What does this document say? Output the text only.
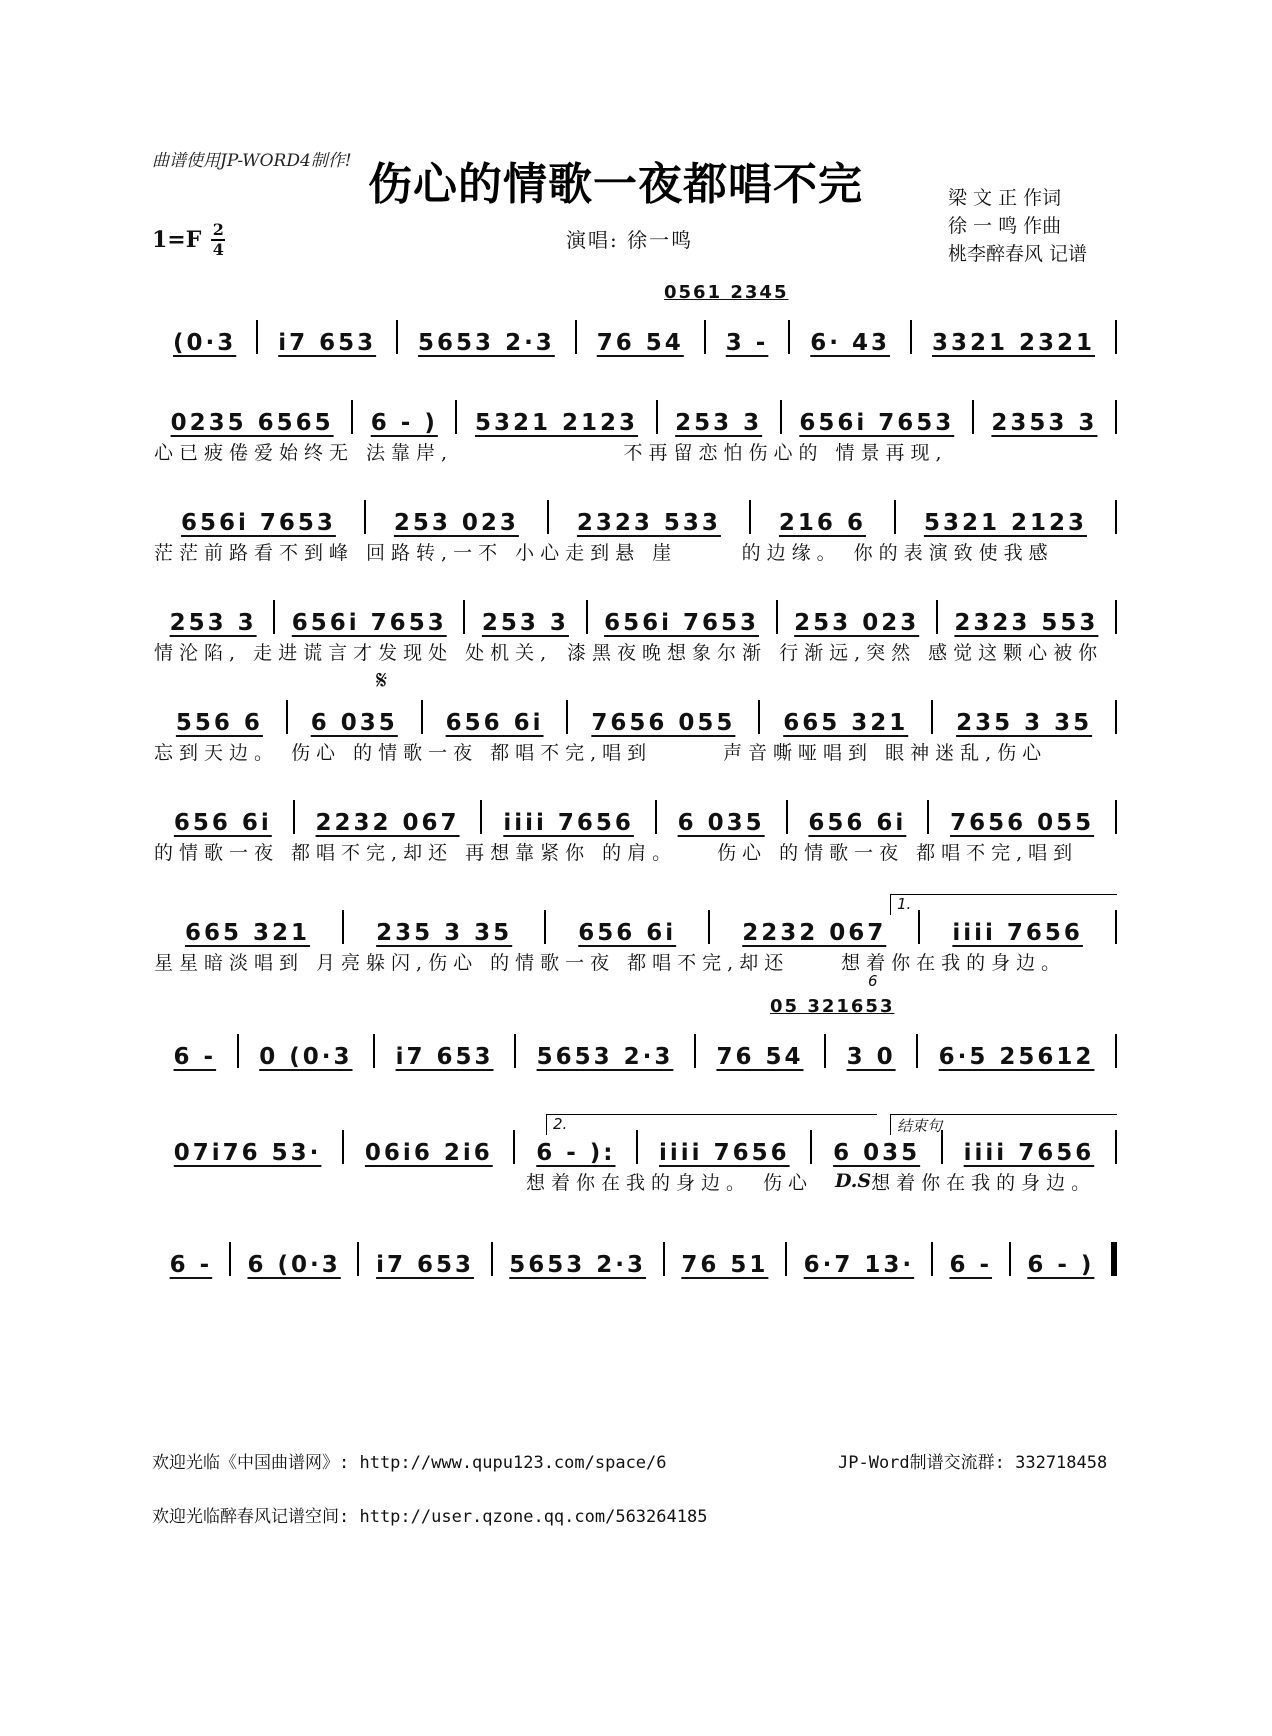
曲谱使用JP-WORD4制作! 伤心的情歌一夜都唱不完	梁 文 正 作词
徐 一 鸣 作曲
桃李醉春风 记谱
1=F 2
4	演唱: 徐一鸣
0561 2345
(0·3	i7 653	5653 2·3	76 54	3 -	6· 43	3321 2321
0235 6565	6 - )	5321 2123	253 3	656i 7653	2353 3
心已疲倦爱始终无 法靠岸,	不再留恋怕伤心的 情景再现,
656i 7653	253 023	2323 533	216 6	5321 2123
茫茫前路看不到峰 回路转,一不 小心走到悬 崖	的边缘。 你的表演致使我感
253 3	656i 7653	253 3	656i 7653	253 023	2323 553
情沦陷, 走进谎言才发现处 处机关, 漆黑夜晚想象尔渐 行渐远,突然 感觉这颗心被你
𝄋
556 6	6 035	656 6i	7656 055	665 321	235 3 35
忘到天边。 伤心 的情歌一夜 都唱不完,唱到	声音嘶哑唱到 眼神迷乱,伤心
656 6i	2232 067	iiii 7656	6 035	656 6i	7656 055
的情歌一夜 都唱不完,却还 再想靠紧你 的肩。	伤心 的情歌一夜 都唱不完,唱到
1.
665 321	235 3 35	656 6i	2232 067	iiii 7656
星星暗淡唱到 月亮躲闪,伤心 的情歌一夜 都唱不完,却还	想着你在我的身边。
05 321653
6
6 -	0 (0·3	i7 653	5653 2·3	76 54	3 0	6·5 25612
2.	结束句
07i76 53·	06i6 2i6	6 - ):	iiii 7656	6 035	iiii 7656
想着你在我的身边。 伤心	D.S 想着你在我的身边。
6 -	6 (0·3	i7 653	5653 2·3	76 51	6·7 13·	6 -	6 - )
欢迎光临《中国曲谱网》: http://www.qupu123.com/space/6	JP-Word制谱交流群: 332718458
欢迎光临醉春风记谱空间: http://user.qzone.qq.com/563264185
